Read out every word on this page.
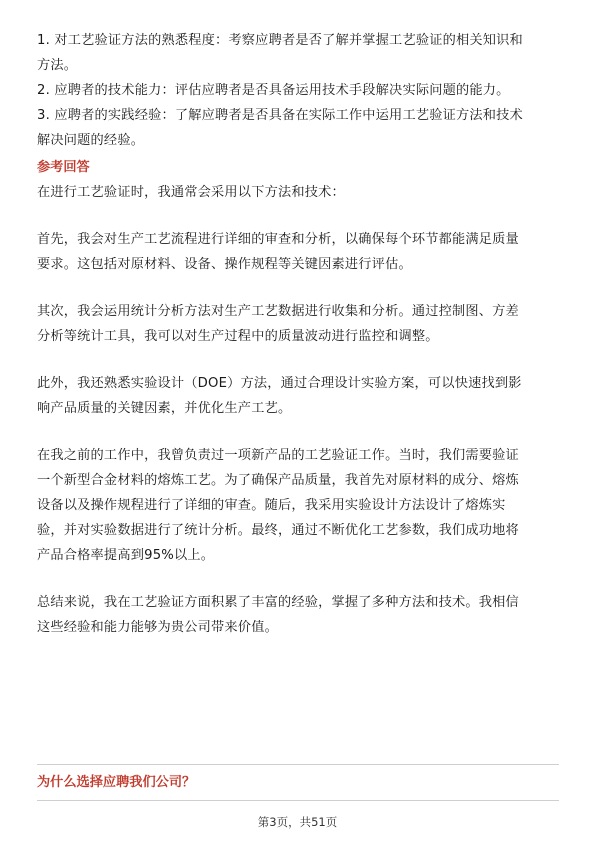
1. 对工艺验证方法的熟悉程度：考察应聘者是否了解并掌握工艺验证的相关知识和

方法。

2. 应聘者的技术能力：评估应聘者是否具备运用技术手段解决实际问题的能力。

3. 应聘者的实践经验：了解应聘者是否具备在实际工作中运用工艺验证方法和技术

解决问题的经验。

参考回答

在进行工艺验证时，我通常会采用以下方法和技术：

首先，我会对生产工艺流程进行详细的审查和分析，以确保每个环节都能满足质量

要求。这包括对原材料、设备、操作规程等关键因素进行评估。

其次，我会运用统计分析方法对生产工艺数据进行收集和分析。通过控制图、方差

分析等统计工具，我可以对生产过程中的质量波动进行监控和调整。

此外，我还熟悉实验设计（DOE）方法，通过合理设计实验方案，可以快速找到影

响产品质量的关键因素，并优化生产工艺。

在我之前的工作中，我曾负责过一项新产品的工艺验证工作。当时，我们需要验证

一个新型合金材料的熔炼工艺。为了确保产品质量，我首先对原材料的成分、熔炼

设备以及操作规程进行了详细的审查。随后，我采用实验设计方法设计了熔炼实

验，并对实验数据进行了统计分析。最终，通过不断优化工艺参数，我们成功地将

产品合格率提高到95%以上。

总结来说，我在工艺验证方面积累了丰富的经验，掌握了多种方法和技术。我相信

这些经验和能力能够为贵公司带来价值。

为什么选择应聘我们公司？

第3页，共51页
